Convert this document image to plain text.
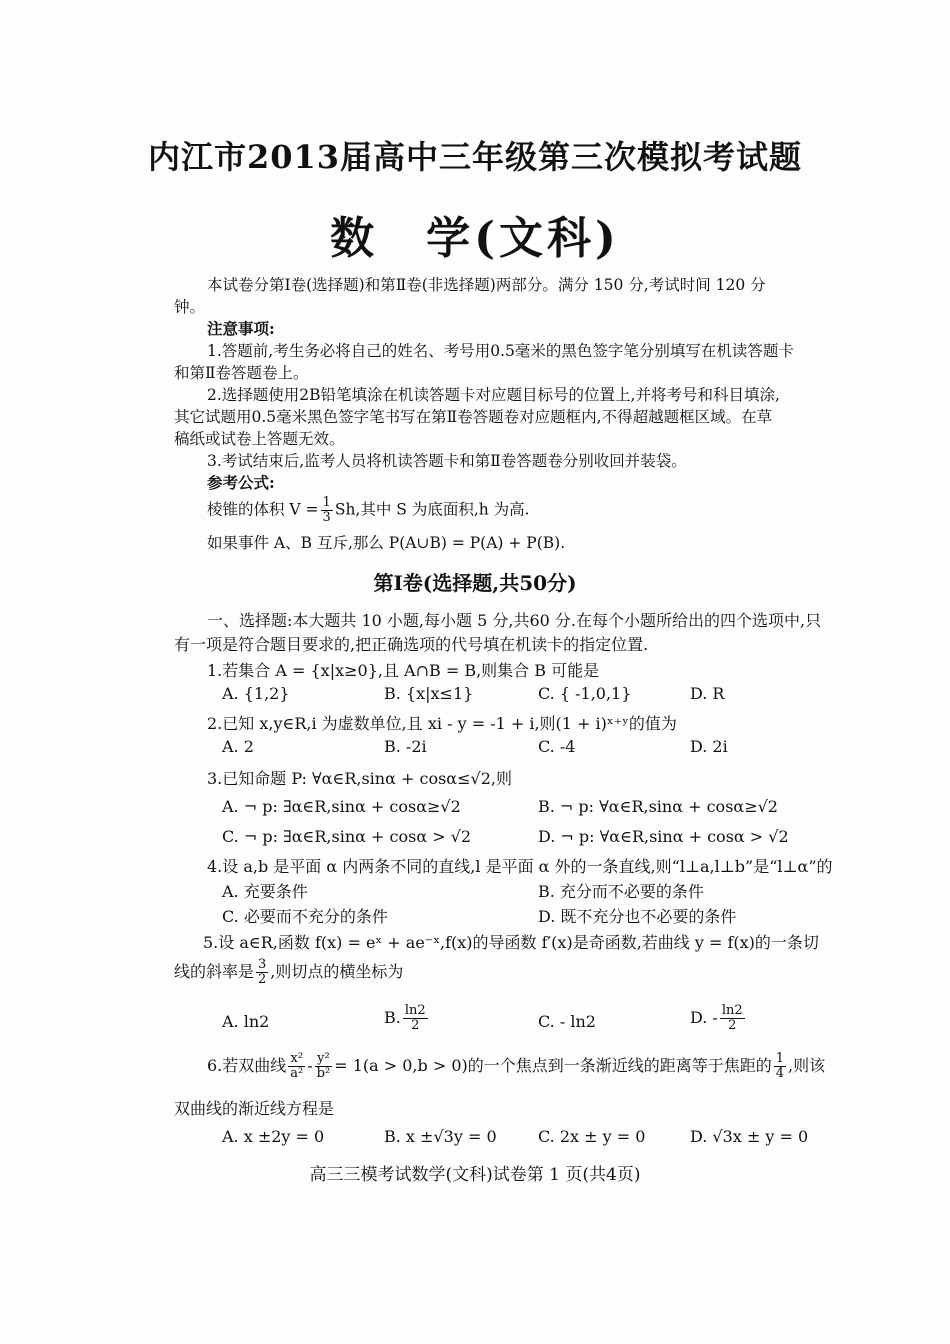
内江市2013届高中三年级第三次模拟考试题
数　学(文科)
本试卷分第Ⅰ卷(选择题)和第Ⅱ卷(非选择题)两部分。满分 150 分,考试时间 120 分
钟。
注意事项:
1.答题前,考生务必将自己的姓名、考号用0.5毫米的黑色签字笔分别填写在机读答题卡
和第Ⅱ卷答题卷上。
2.选择题使用2B铅笔填涂在机读答题卡对应题目标号的位置上,并将考号和科目填涂,
其它试题用0.5毫米黑色签字笔书写在第Ⅱ卷答题卷对应题框内,不得超越题框区域。在草
稿纸或试卷上答题无效。
3.考试结束后,监考人员将机读答题卡和第Ⅱ卷答题卷分别收回并装袋。
参考公式:
棱锥的体积 $V = \frac{1}{3} Sh$,其中 S 为底面积,h 为高.
如果事件 A、B 互斥,那么 P(A∪B) = P(A) + P(B).
第Ⅰ卷(选择题,共50分)
一、选择题:本大题共 10 小题,每小题 5 分,共60 分.在每个小题所给出的四个选项中,只
有一项是符合题目要求的,把正确选项的代号填在机读卡的指定位置.
1.若集合 A = {x|x≥0},且 A∩B = B,则集合 B 可能是
A. {1,2}	B. {x|x≤1}	C. { -1,0,1}	D. R
2.已知 x,y∈R,i 为虚数单位,且 xi - y = -1 + i,则(1 + i)ˣ⁺ʸ的值为
A. 2	B. -2i	C. -4	D. 2i
3.已知命题 P: ∀α∈R,sinα + cosα≤√2,则
A. ¬ p: ∃α∈R,sinα + cosα≥√2	B. ¬ p: ∀α∈R,sinα + cosα≥√2
C. ¬ p: ∃α∈R,sinα + cosα > √2	D. ¬ p: ∀α∈R,sinα + cosα > √2
4.设 a,b 是平面 α 内两条不同的直线,l 是平面 α 外的一条直线,则“l⊥a,l⊥b”是“l⊥α”的
A. 充要条件	B. 充分而不必要的条件
C. 必要而不充分的条件	D. 既不充分也不必要的条件
5.设 a∈R,函数 f(x) = eˣ + ae⁻ˣ,f(x)的导函数 f′(x)是奇函数,若曲线 y = f(x)的一条切
线的斜率是 $\frac{3}{2}$ ,则切点的横坐标为
A. ln2	B. $\frac{\ln 2}{2}$	C. - ln2	D. - $\frac{\ln 2}{2}$
6.若双曲线 $\frac{\text{x²}}{\text{a²}} - \frac{\text{y²}}{\text{b²}} = 1(a > 0,b > 0)$的一个焦点到一条渐近线的距离等于焦距的 $\frac{1}{4}$ ,则该
双曲线的渐近线方程是
A. x ±2y = 0	B. x ±√3y = 0	C. 2x ± y = 0	D. √3x ± y = 0
高三三模考试数学(文科)试卷第 1 页(共4页)
